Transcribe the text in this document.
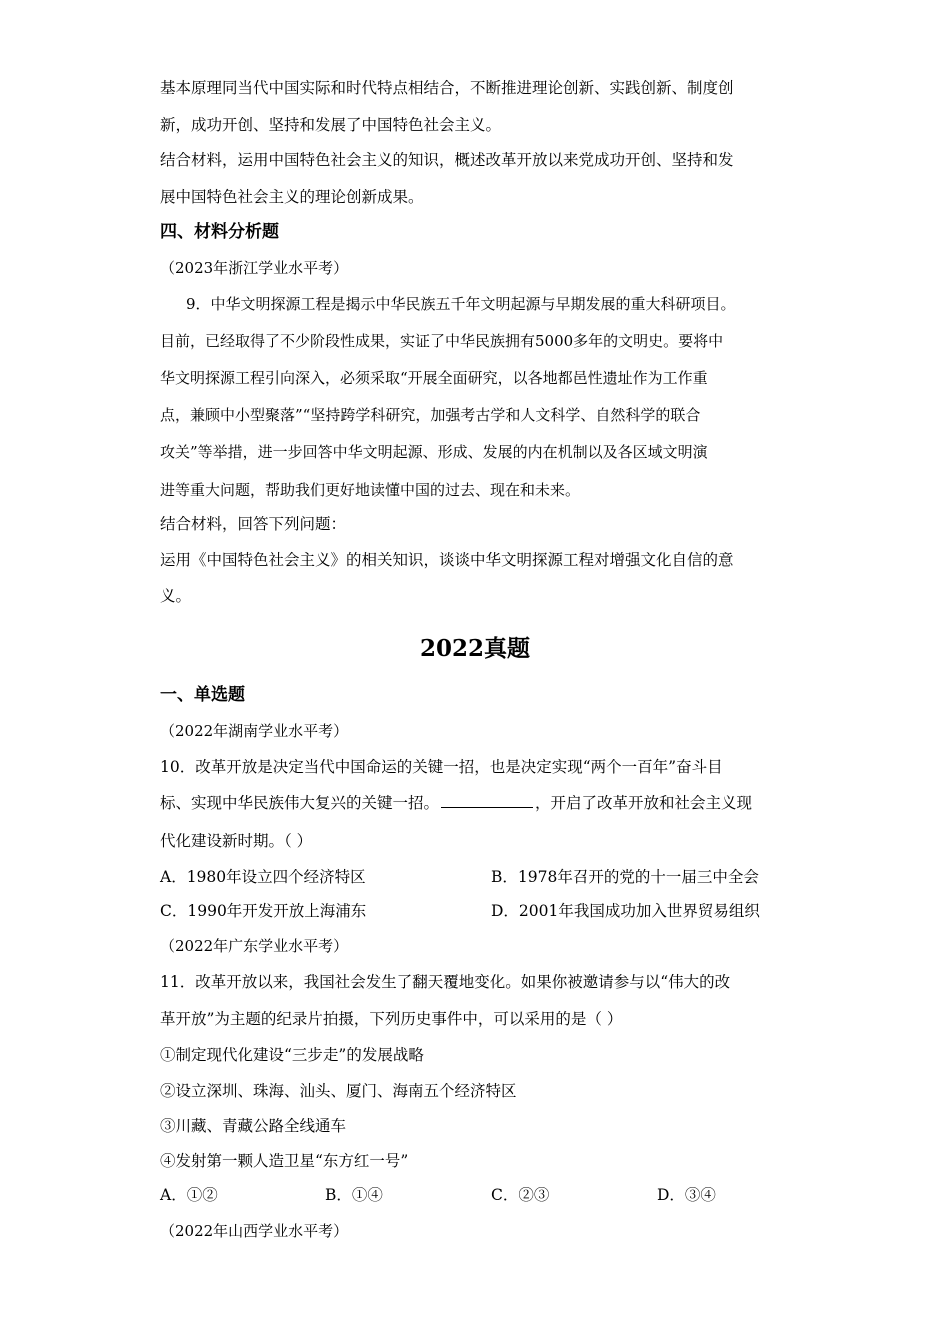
基本原理同当代中国实际和时代特点相结合，不断推进理论创新、实践创新、制度创
新，成功开创、坚持和发展了中国特色社会主义。
结合材料，运用中国特色社会主义的知识，概述改革开放以来党成功开创、坚持和发
展中国特色社会主义的理论创新成果。
四、材料分析题
（2023年浙江学业水平考）
9．中华文明探源工程是揭示中华民族五千年文明起源与早期发展的重大科研项目。
目前，已经取得了不少阶段性成果，实证了中华民族拥有5000多年的文明史。要将中
华文明探源工程引向深入，必须采取“开展全面研究，以各地都邑性遗址作为工作重
点，兼顾中小型聚落”“坚持跨学科研究，加强考古学和人文科学、自然科学的联合
攻关”等举措，进一步回答中华文明起源、形成、发展的内在机制以及各区域文明演
进等重大问题，帮助我们更好地读懂中国的过去、现在和未来。
结合材料，回答下列问题：
运用《中国特色社会主义》的相关知识，谈谈中华文明探源工程对增强文化自信的意
义。
2022真题
一、单选题
（2022年湖南学业水平考）
10．改革开放是决定当代中国命运的关键一招，也是决定实现“两个一百年”奋斗目
标、实现中华民族伟大复兴的关键一招。	，开启了改革开放和社会主义现
代化建设新时期。（ ）
A．1980年设立四个经济特区	B．1978年召开的党的十一届三中全会
C．1990年开发开放上海浦东	D．2001年我国成功加入世界贸易组织
（2022年广东学业水平考）
11．改革开放以来，我国社会发生了翻天覆地变化。如果你被邀请参与以“伟大的改
革开放”为主题的纪录片拍摄，下列历史事件中，可以采用的是（ ）
①制定现代化建设“三步走”的发展战略
②设立深圳、珠海、汕头、厦门、海南五个经济特区
③川藏、青藏公路全线通车
④发射第一颗人造卫星“东方红一号”
A．①②	B．①④	C．②③	D．③④
（2022年山西学业水平考）
